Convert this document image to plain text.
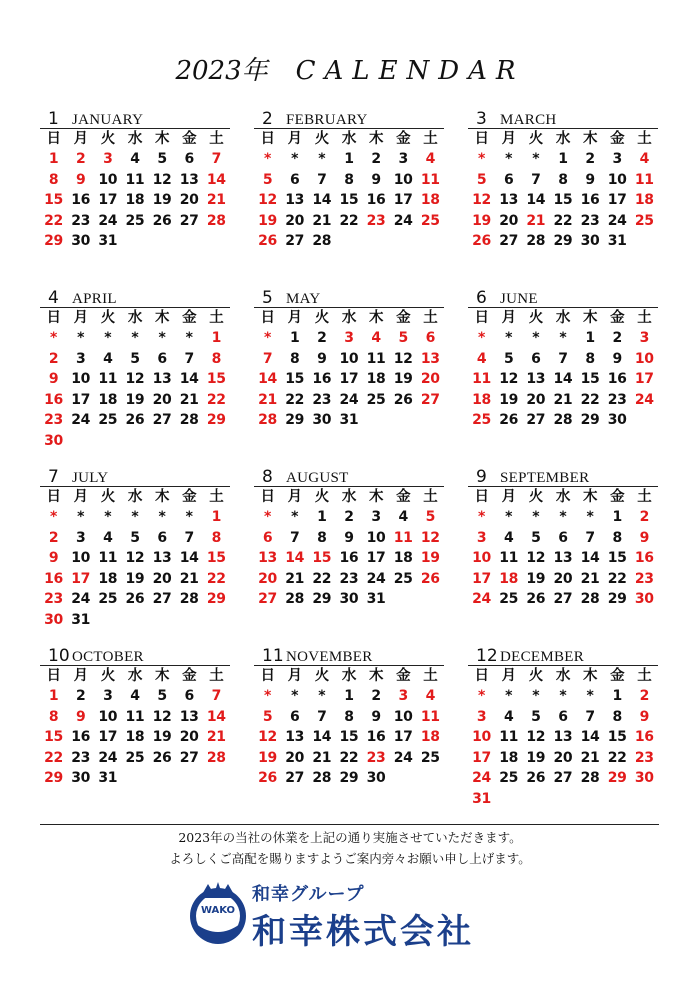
2023年 CALENDAR
1 JANUARY
日 月 火 水 木 金 土
1	2	3	4	5	6	7
8	9 10 11 12 13 14
15 16 17 18 19 20 21
22 23 24 25 26 27 28
29 30 31
2 FEBRUARY
日 月 火 水 木 金 土
*	*	*	1	2	3	4
5	6	7	8	9 10 11
12 13 14 15 16 17 18
19 20 21 22 23 24 25
26 27 28
3 MARCH
日 月 火 水 木 金 土
*	*	*	1	2	3	4
5	6	7	8	9 10 11
12 13 14 15 16 17 18
19 20 21 22 23 24 25
26 27 28 29 30 31
4 APRIL
日 月 火 水 木 金 土
*	*	*	*	*	*	1
2	3	4	5	6	7	8
9 10 11 12 13 14 15
16 17 18 19 20 21 22
23 24 25 26 27 28 29
30
5 MAY
日 月 火 水 木 金 土
*	1	2	3	4	5	6
7	8	9 10 11 12 13
14 15 16 17 18 19 20
21 22 23 24 25 26 27
28 29 30 31
6 JUNE
日 月 火 水 木 金 土
*	*	*	*	1	2	3
4	5	6	7	8	9 10
11 12 13 14 15 16 17
18 19 20 21 22 23 24
25 26 27 28 29 30
7 JULY
日 月 火 水 木 金 土
*	*	*	*	*	*	1
2	3	4	5	6	7	8
9 10 11 12 13 14 15
16 17 18 19 20 21 22
23 24 25 26 27 28 29
30 31
8 AUGUST
日 月 火 水 木 金 土
*	*	1	2	3	4	5
6	7	8	9 10 11 12
13 14 15 16 17 18 19
20 21 22 23 24 25 26
27 28 29 30 31
9 SEPTEMBER
日 月 火 水 木 金 土
*	*	*	*	*	1	2
3	4	5	6	7	8	9
10 11 12 13 14 15 16
17 18 19 20 21 22 23
24 25 26 27 28 29 30
10 OCTOBER
日 月 火 水 木 金 土
1	2	3	4	5	6	7
8	9 10 11 12 13 14
15 16 17 18 19 20 21
22 23 24 25 26 27 28
29 30 31
11 NOVEMBER
日 月 火 水 木 金 土
*	*	*	1	2	3	4
5	6	7	8	9 10 11
12 13 14 15 16 17 18
19 20 21 22 23 24 25
26 27 28 29 30
12 DECEMBER
日 月 火 水 木 金 土
*	*	*	*	*	1	2
3	4	5	6	7	8	9
10 11 12 13 14 15 16
17 18 19 20 21 22 23
24 25 26 27 28 29 30
31
2023年の当社の休業を上記の通り実施させていただきます。
よろしくご高配を賜りますようご案内旁々お願い申し上げます。
WAKO
和幸グループ
和幸株式会社
